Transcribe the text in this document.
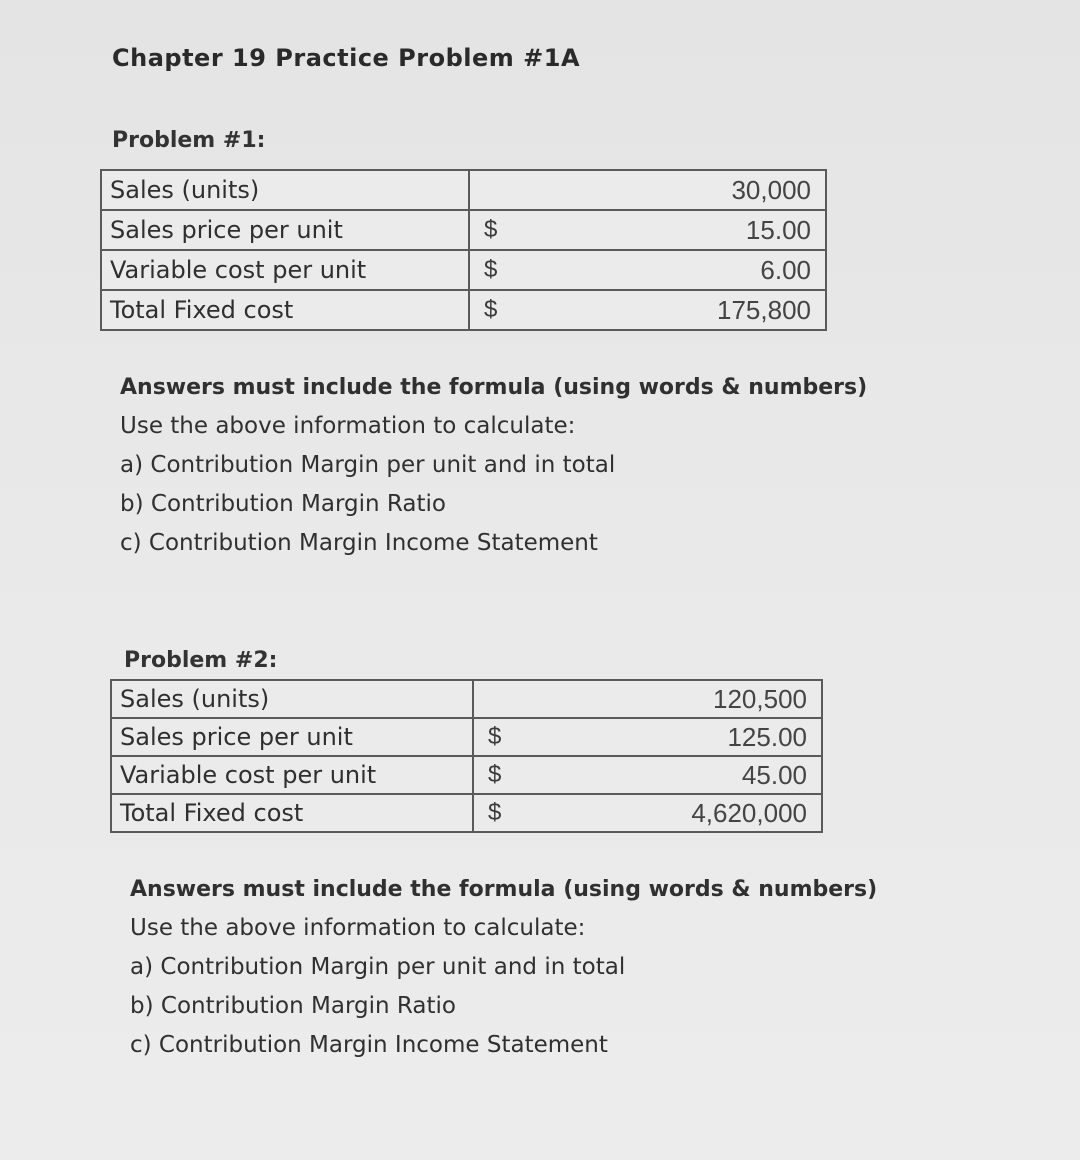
Chapter 19 Practice Problem #1A
Problem #1:
Sales (units)		30,000
Sales price per unit	$	15.00
Variable cost per unit	$	6.00
Total Fixed cost	$	175,800
Answers must include the formula (using words & numbers)
Use the above information to calculate:
a) Contribution Margin per unit and in total
b) Contribution Margin Ratio
c) Contribution Margin Income Statement
Problem #2:
Sales (units)		120,500
Sales price per unit	$	125.00
Variable cost per unit	$	45.00
Total Fixed cost	$	4,620,000
Answers must include the formula (using words & numbers)
Use the above information to calculate:
a) Contribution Margin per unit and in total
b) Contribution Margin Ratio
c) Contribution Margin Income Statement
